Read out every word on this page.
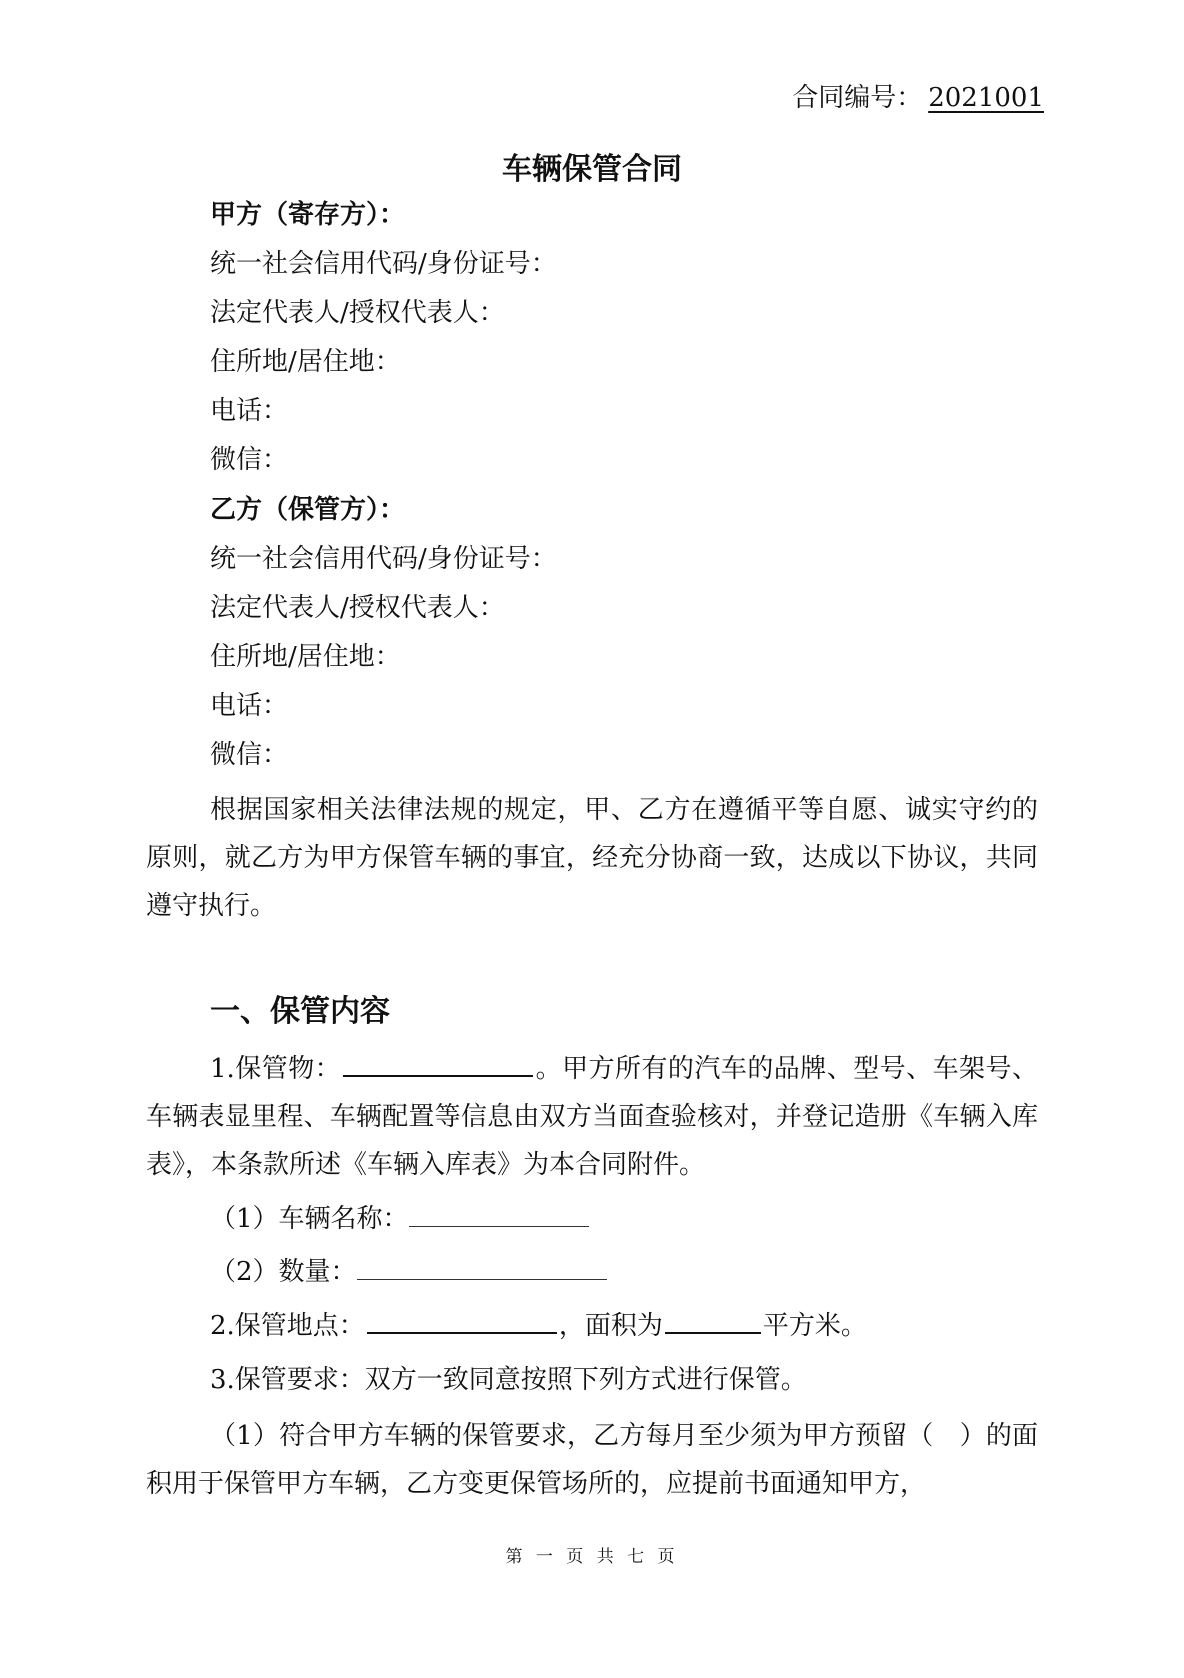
合同编号： 2021001
车辆保管合同
甲方（寄存方）：
统一社会信用代码/身份证号：
法定代表人/授权代表人：
住所地/居住地：
电话：
微信：
乙方（保管方）：
统一社会信用代码/身份证号：
法定代表人/授权代表人：
住所地/居住地：
电话：
微信：

根据国家相关法律法规的规定，甲、乙方在遵循平等自愿、诚实守约的原则，就乙方为甲方保管车辆的事宜，经充分协商一致，达成以下协议，共同遵守执行。

一、保管内容

1.保管物：	。甲方所有的汽车的品牌、型号、车架号、车辆表显里程、车辆配置等信息由双方当面查验核对，并登记造册《车辆入库表》，本条款所述《车辆入库表》为本合同附件。

（1）车辆名称：
（2）数量：
2.保管地点：	，面积为	平方米。
3.保管要求：双方一致同意按照下列方式进行保管。

（1）符合甲方车辆的保管要求，乙方每月至少须为甲方预留（　）的面积用于保管甲方车辆，乙方变更保管场所的，应提前书面通知甲方，

第 一 页 共 七 页
